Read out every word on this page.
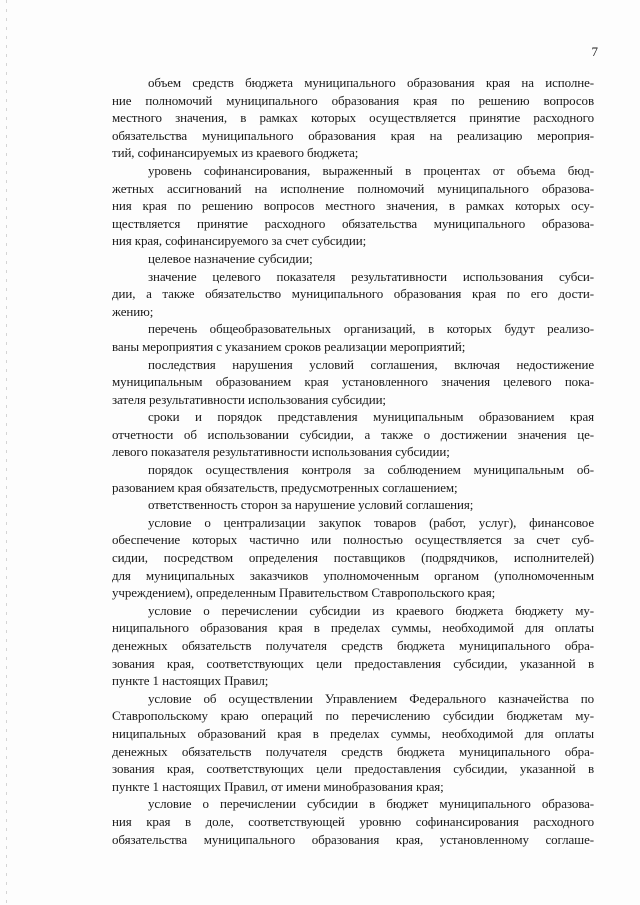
7

объем средств бюджета муниципального образования края на исполне-
ние полномочий муниципального образования края по решению вопросов
местного значения, в рамках которых осуществляется принятие расходного
обязательства муниципального образования края на реализацию мероприя-
тий, софинансируемых из краевого бюджета;

уровень софинансирования, выраженный в процентах от объема бюд-
жетных ассигнований на исполнение полномочий муниципального образова-
ния края по решению вопросов местного значения, в рамках которых осу-
ществляется принятие расходного обязательства муниципального образова-
ния края, софинансируемого за счет субсидии;

целевое назначение субсидии;

значение целевого показателя результативности использования субси-
дии, а также обязательство муниципального образования края по его дости-
жению;

перечень общеобразовательных организаций, в которых будут реализо-
ваны мероприятия с указанием сроков реализации мероприятий;

последствия нарушения условий соглашения, включая недостижение
муниципальным образованием края установленного значения целевого пока-
зателя результативности использования субсидии;

сроки и порядок представления муниципальным образованием края
отчетности об использовании субсидии, а также о достижении значения це-
левого показателя результативности использования субсидии;

порядок осуществления контроля за соблюдением муниципальным об-
разованием края обязательств, предусмотренных соглашением;

ответственность сторон за нарушение условий соглашения;

условие о централизации закупок товаров (работ, услуг), финансовое
обеспечение которых частично или полностью осуществляется за счет суб-
сидии, посредством определения поставщиков (подрядчиков, исполнителей)
для муниципальных заказчиков уполномоченным органом (уполномоченным
учреждением), определенным Правительством Ставропольского края;

условие о перечислении субсидии из краевого бюджета бюджету му-
ниципального образования края в пределах суммы, необходимой для оплаты
денежных обязательств получателя средств бюджета муниципального обра-
зования края, соответствующих цели предоставления субсидии, указанной в
пункте 1 настоящих Правил;

условие об осуществлении Управлением Федерального казначейства по
Ставропольскому краю операций по перечислению субсидии бюджетам му-
ниципальных образований края в пределах суммы, необходимой для оплаты
денежных обязательств получателя средств бюджета муниципального обра-
зования края, соответствующих цели предоставления субсидии, указанной в
пункте 1 настоящих Правил, от имени минобразования края;

условие о перечислении субсидии в бюджет муниципального образова-
ния края в доле, соответствующей уровню софинансирования расходного
обязательства муниципального образования края, установленному соглаше-
